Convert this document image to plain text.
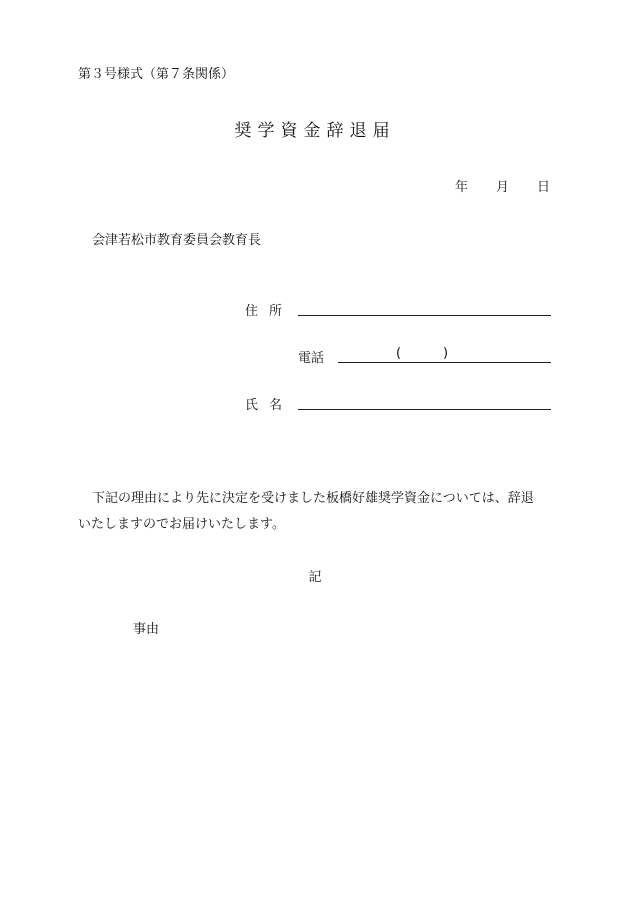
第３号様式（第７条関係）
奨学資金辞退届
年 月 日
会津若松市教育委員会教育長
住所
電話	(	)
氏名
下記の理由により先に決定を受けました板橋好雄奨学資金については、辞退
いたしますのでお届けいたします。
記
事由
